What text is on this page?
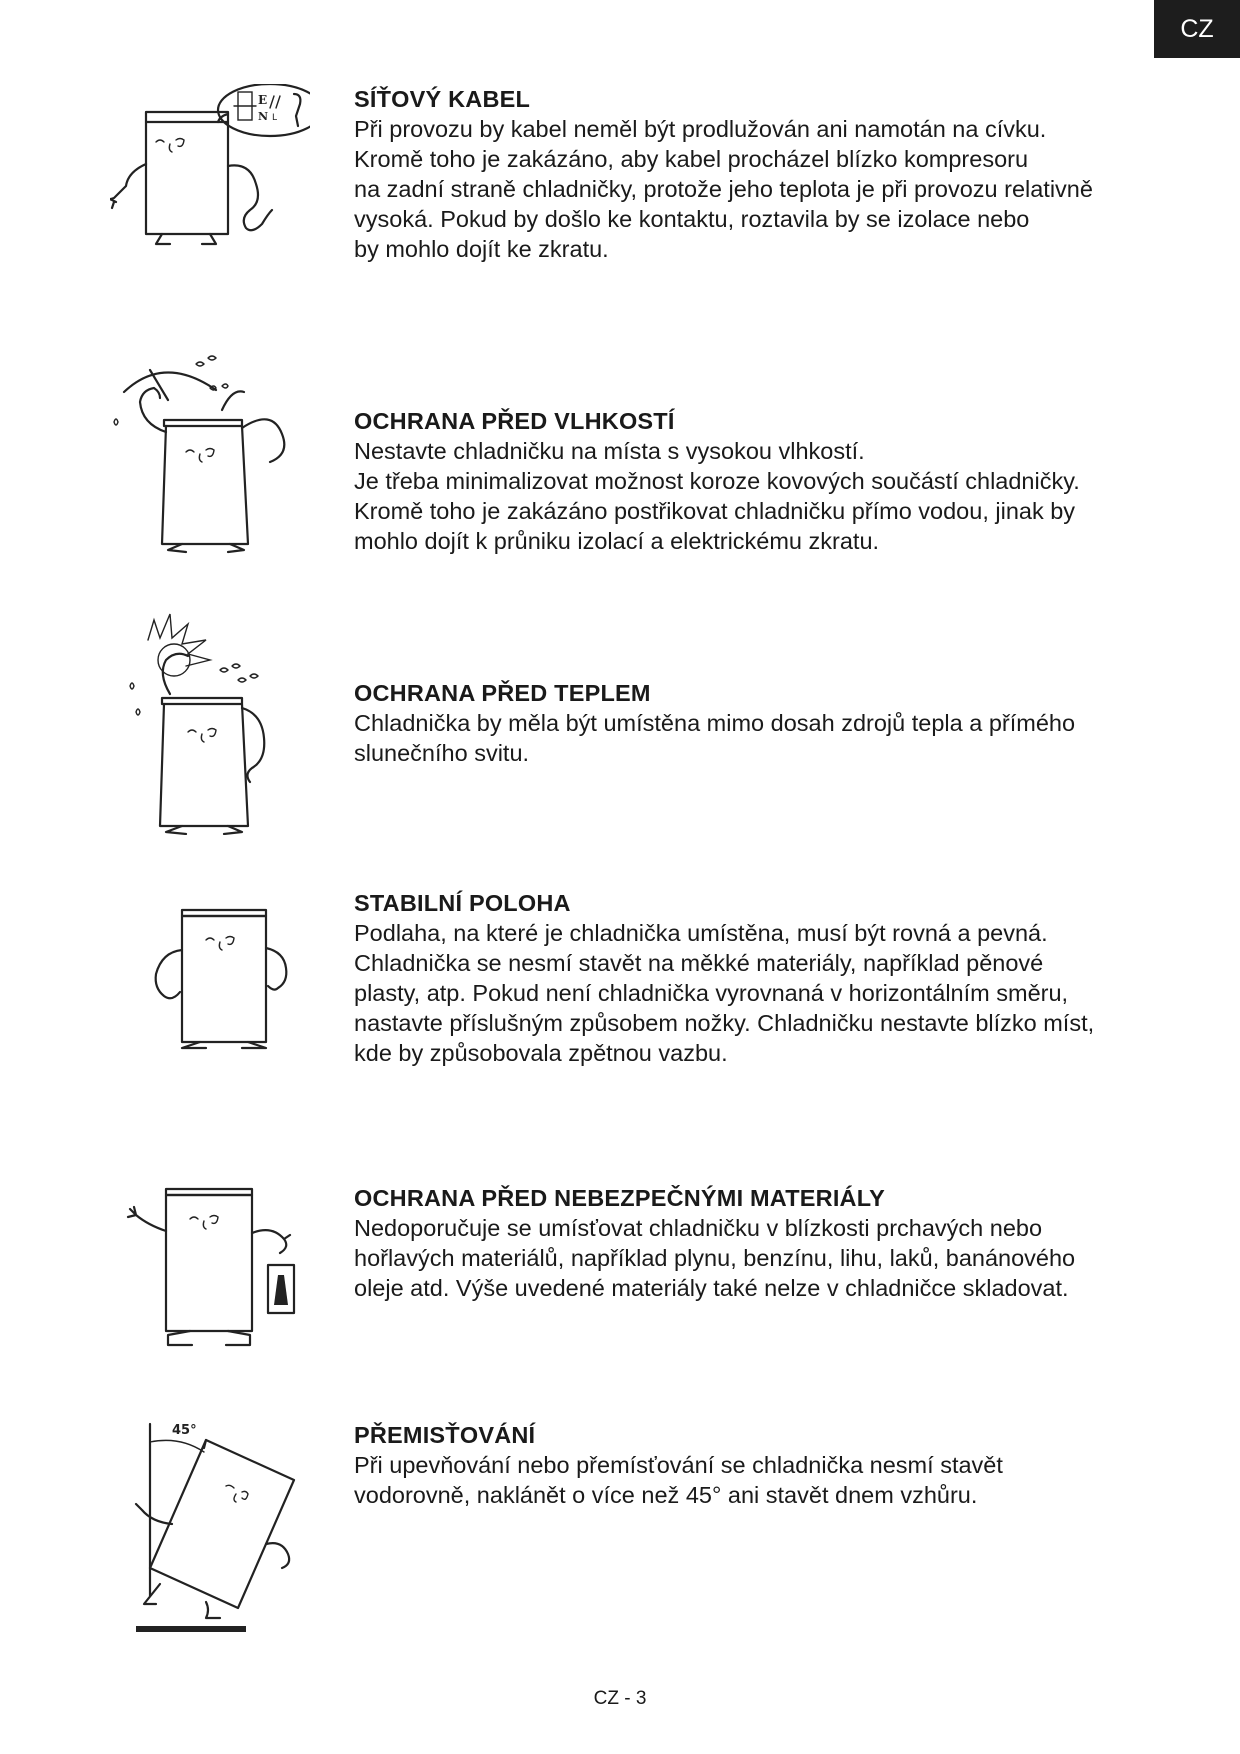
CZ
E
N L
SÍŤOVÝ KABEL

Při provozu by kabel neměl být prodlužován ani namotán na cívku.
Kromě toho je zakázáno, aby kabel procházel blízko kompresoru
na zadní straně chladničky, protože jeho teplota je při provozu relativně
vysoká. Pokud by došlo ke kontaktu, roztavila by se izolace nebo
by mohlo dojít ke zkratu.

OCHRANA PŘED VLHKOSTÍ

Nestavte chladničku na místa s vysokou vlhkostí.
Je třeba minimalizovat možnost koroze kovových součástí chladničky.
Kromě toho je zakázáno postřikovat chladničku přímo vodou, jinak by
mohlo dojít k průniku izolací a elektrickému zkratu.

OCHRANA PŘED TEPLEM

Chladnička by měla být umístěna mimo dosah zdrojů tepla a přímého
slunečního svitu.

STABILNÍ POLOHA

Podlaha, na které je chladnička umístěna, musí být rovná a pevná.
Chladnička se nesmí stavět na měkké materiály, například pěnové
plasty, atp. Pokud není chladnička vyrovnaná v horizontálním směru,
nastavte příslušným způsobem nožky. Chladničku nestavte blízko míst,
kde by způsobovala zpětnou vazbu.

OCHRANA PŘED NEBEZPEČNÝMI MATERIÁLY

Nedoporučuje se umísťovat chladničku v blízkosti prchavých nebo
hořlavých materiálů, například plynu, benzínu, lihu, laků, banánového
oleje atd. Výše uvedené materiály také nelze v chladničce skladovat.

45°	PŘEMISŤOVÁNÍ

Při upevňování nebo přemísťování se chladnička nesmí stavět
vodorovně, naklánět o více než 45° ani stavět dnem vzhůru.

CZ - 3
